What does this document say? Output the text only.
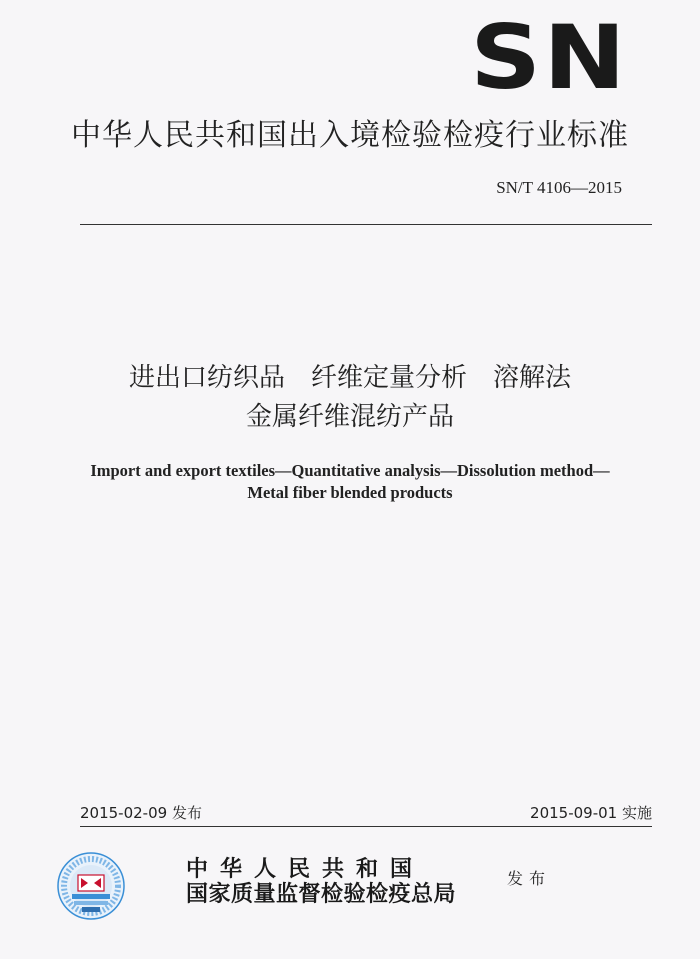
SN
中华人民共和国出入境检验检疫行业标准
SN/T 4106—2015
进出口纺织品 纤维定量分析 溶解法
金属纤维混纺产品
Import and export textiles—Quantitative analysis—Dissolution method—
Metal fiber blended products
2015-02-09 发布	2015-09-01 实施
中华人民共和国
国家质量监督检验检疫总局
发布
